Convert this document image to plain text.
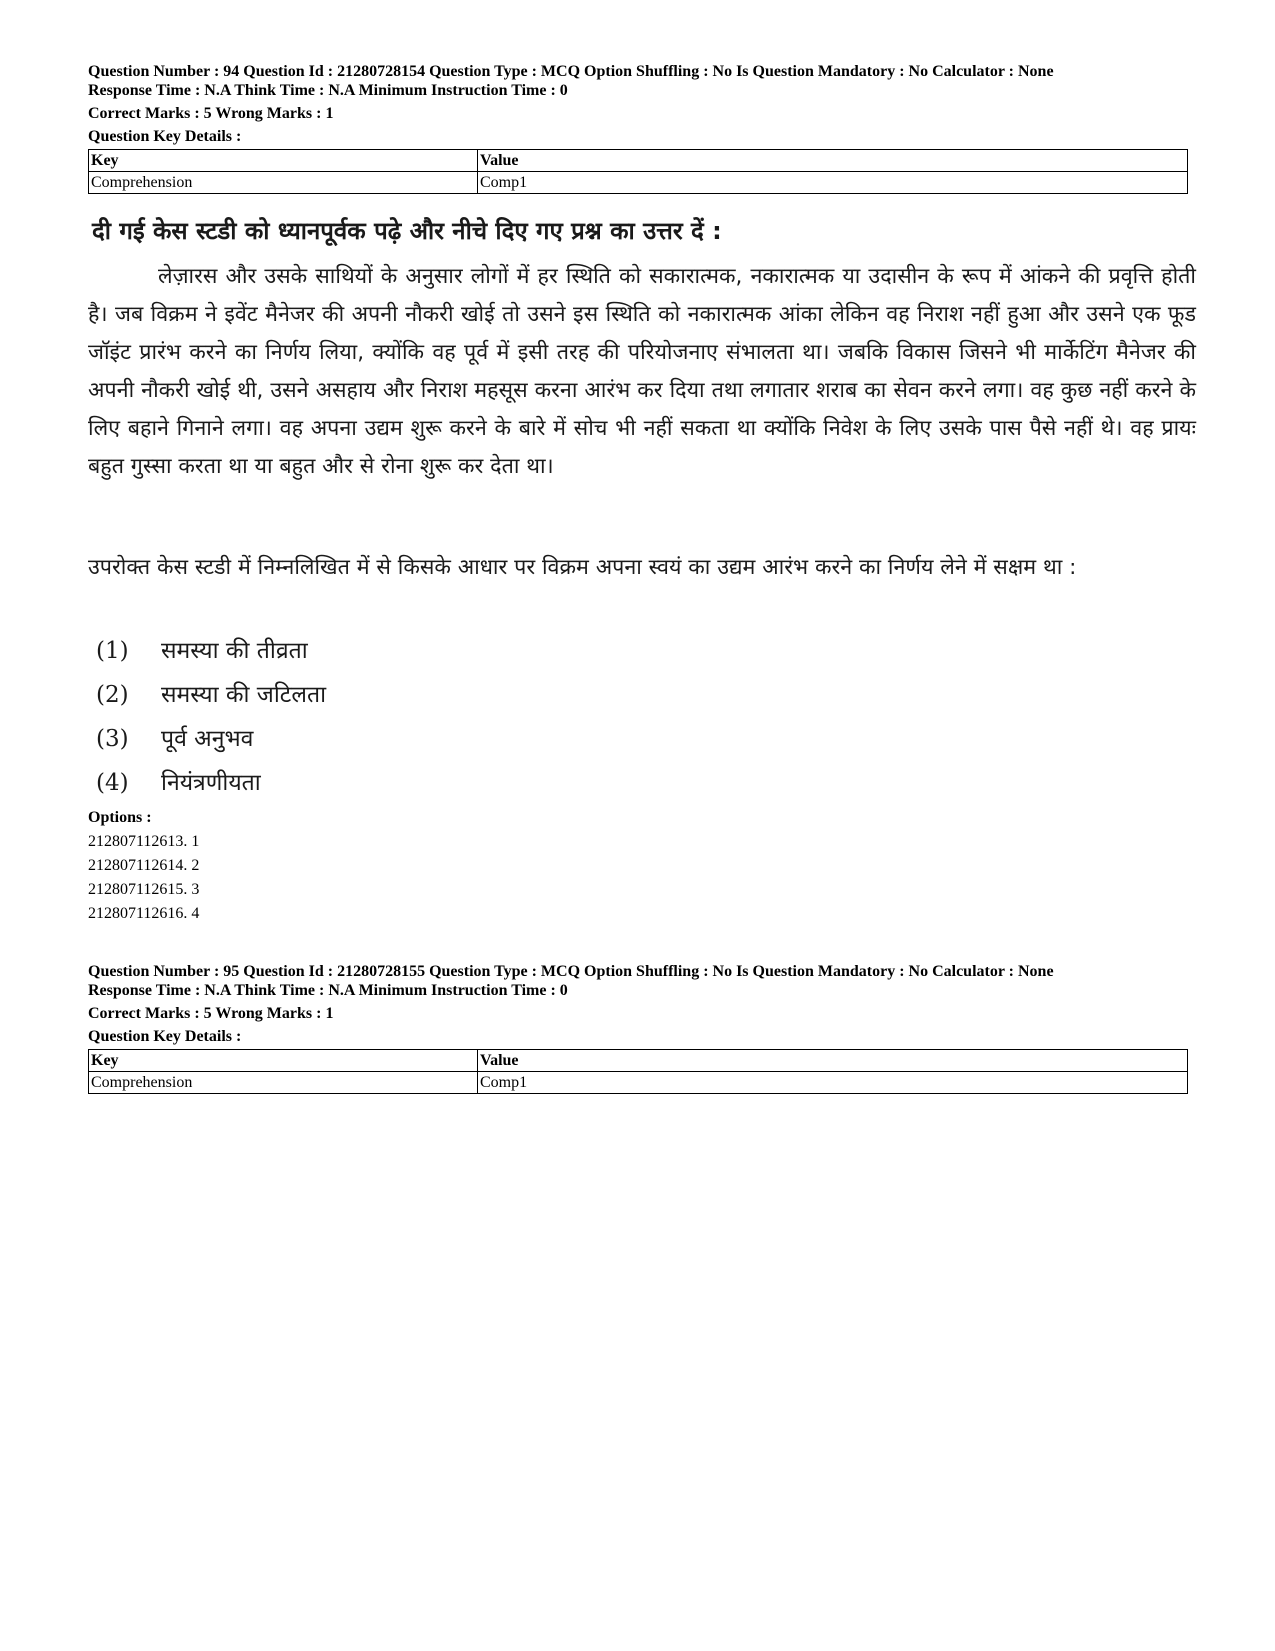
Question Number : 94 Question Id : 21280728154 Question Type : MCQ Option Shuffling : No Is Question Mandatory : No Calculator : None
Response Time : N.A Think Time : N.A Minimum Instruction Time : 0
Correct Marks : 5 Wrong Marks : 1
Question Key Details :
Key	Value
Comprehension	Comp1
दी गई केस स्टडी को ध्यानपूर्वक पढ़े और नीचे दिए गए प्रश्न का उत्तर दें :
लेज़ारस और उसके साथियों के अनुसार लोगों में हर स्थिति को सकारात्मक, नकारात्मक या उदासीन के रूप में आंकने की प्रवृत्ति होती है। जब विक्रम ने इवेंट मैनेजर की अपनी नौकरी खोई तो उसने इस स्थिति को नकारात्मक आंका लेकिन वह निराश नहीं हुआ और उसने एक फूड जॉइंट प्रारंभ करने का निर्णय लिया, क्योंकि वह पूर्व में इसी तरह की परियोजनाए संभालता था। जबकि विकास जिसने भी मार्केटिंग मैनेजर की अपनी नौकरी खोई थी, उसने असहाय और निराश महसूस करना आरंभ कर दिया तथा लगातार शराब का सेवन करने लगा। वह कुछ नहीं करने के लिए बहाने गिनाने लगा। वह अपना उद्यम शुरू करने के बारे में सोच भी नहीं सकता था क्योंकि निवेश के लिए उसके पास पैसे नहीं थे। वह प्रायः बहुत गुस्सा करता था या बहुत और से रोना शुरू कर देता था।
उपरोक्त केस स्टडी में निम्नलिखित में से किसके आधार पर विक्रम अपना स्वयं का उद्यम आरंभ करने का निर्णय लेने में सक्षम था :
(1) समस्या की तीव्रता
(2) समस्या की जटिलता
(3) पूर्व अनुभव
(4) नियंत्रणीयता
Options :
212807112613. 1
212807112614. 2
212807112615. 3
212807112616. 4
Question Number : 95 Question Id : 21280728155 Question Type : MCQ Option Shuffling : No Is Question Mandatory : No Calculator : None
Response Time : N.A Think Time : N.A Minimum Instruction Time : 0
Correct Marks : 5 Wrong Marks : 1
Question Key Details :
Key	Value
Comprehension	Comp1
